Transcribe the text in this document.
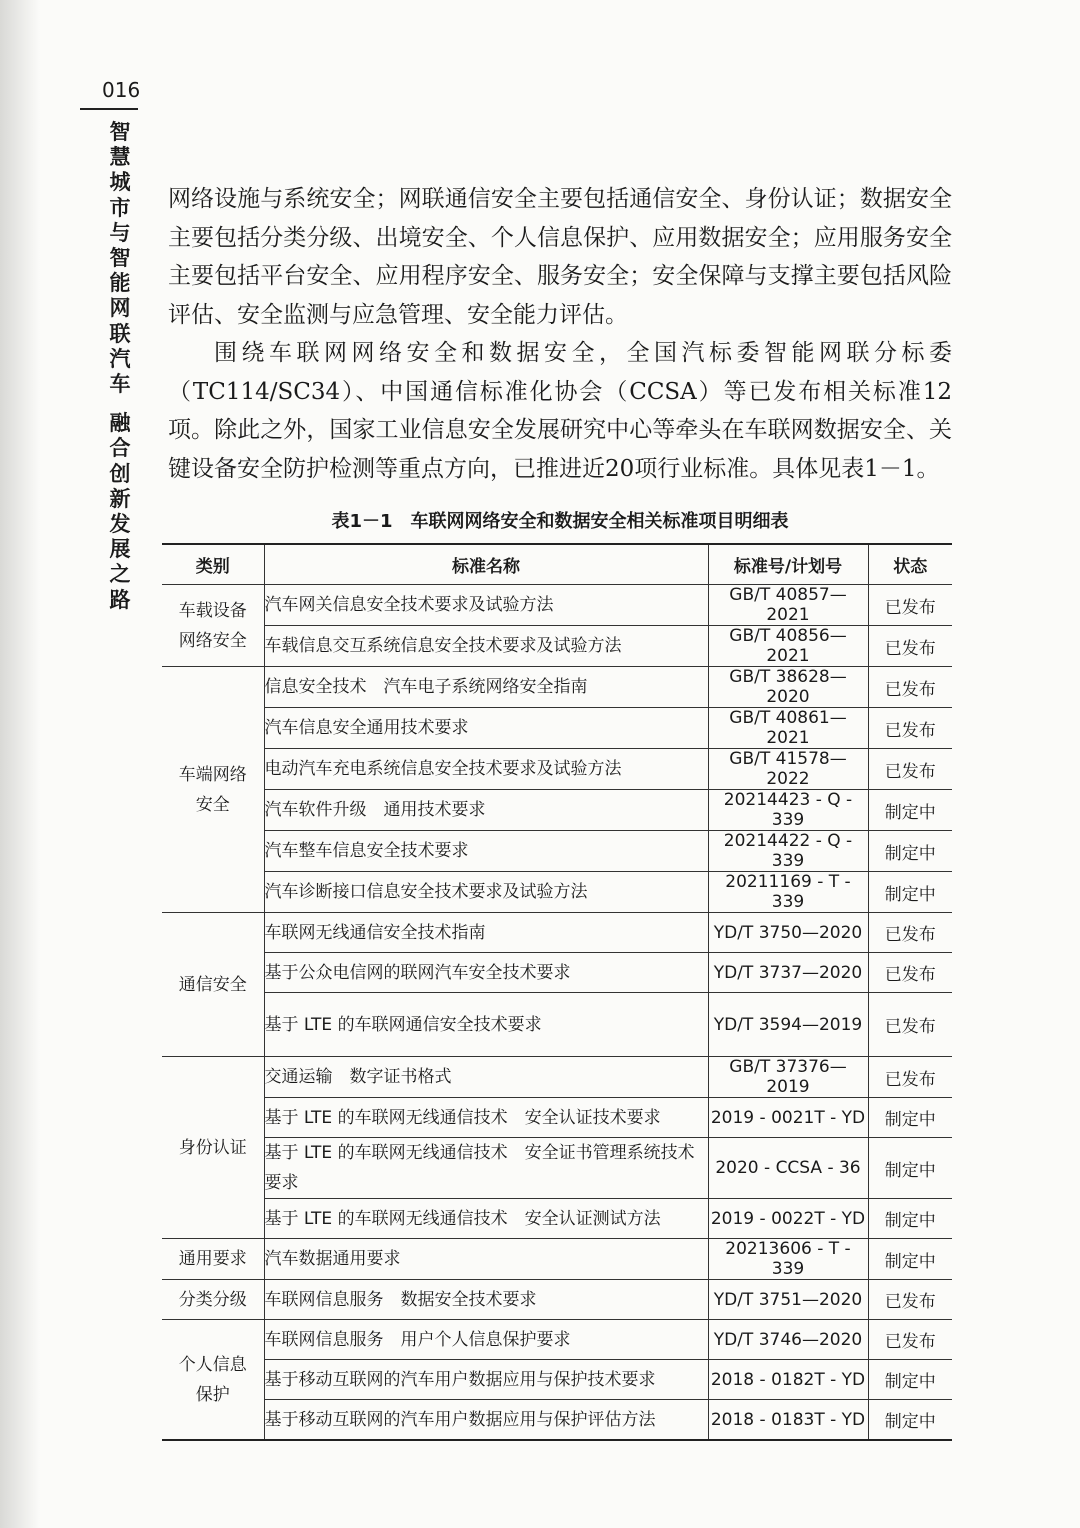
016
智慧城市与智能网联汽车
融合创新发展之路

网络设施与系统安全；网联通信安全主要包括通信安全、身份认证；数据安全主要包括分类分级、出境安全、个人信息保护、应用数据安全；应用服务安全主要包括平台安全、应用程序安全、服务安全；安全保障与支撑主要包括风险评估、安全监测与应急管理、安全能力评估。

围绕车联网网络安全和数据安全，全国汽标委智能网联分标委（TC114/SC34）、中国通信标准化协会（CCSA）等已发布相关标准12项。除此之外，国家工业信息安全发展研究中心等牵头在车联网数据安全、关键设备安全防护检测等重点方向，已推进近20项行业标准。具体见表1－1。

表1－1　车联网网络安全和数据安全相关标准项目明细表
类别	标准名称	标准号/计划号	状态
车载设备网络安全	汽车网关信息安全技术要求及试验方法	GB/T 40857—2021	已发布
	车载信息交互系统信息安全技术要求及试验方法	GB/T 40856—2021	已发布
车端网络安全	信息安全技术　汽车电子系统网络安全指南	GB/T 38628—2020	已发布
	汽车信息安全通用技术要求	GB/T 40861—2021	已发布
	电动汽车充电系统信息安全技术要求及试验方法	GB/T 41578—2022	已发布
	汽车软件升级　通用技术要求	20214423 - Q - 339	制定中
	汽车整车信息安全技术要求	20214422 - Q - 339	制定中
	汽车诊断接口信息安全技术要求及试验方法	20211169 - T - 339	制定中
通信安全	车联网无线通信安全技术指南	YD/T 3750—2020	已发布
	基于公众电信网的联网汽车安全技术要求	YD/T 3737—2020	已发布
	基于 LTE 的车联网通信安全技术要求	YD/T 3594—2019	已发布
身份认证	交通运输　数字证书格式	GB/T 37376—2019	已发布
	基于 LTE 的车联网无线通信技术　安全认证技术要求	2019 - 0021T - YD	制定中
	基于 LTE 的车联网无线通信技术　安全证书管理系统技术要求	2020 - CCSA - 36	制定中
	基于 LTE 的车联网无线通信技术　安全认证测试方法	2019 - 0022T - YD	制定中
通用要求	汽车数据通用要求	20213606 - T - 339	制定中
分类分级	车联网信息服务　数据安全技术要求	YD/T 3751—2020	已发布
个人信息保护	车联网信息服务　用户个人信息保护要求	YD/T 3746—2020	已发布
	基于移动互联网的汽车用户数据应用与保护技术要求	2018 - 0182T - YD	制定中
	基于移动互联网的汽车用户数据应用与保护评估方法	2018 - 0183T - YD	制定中
